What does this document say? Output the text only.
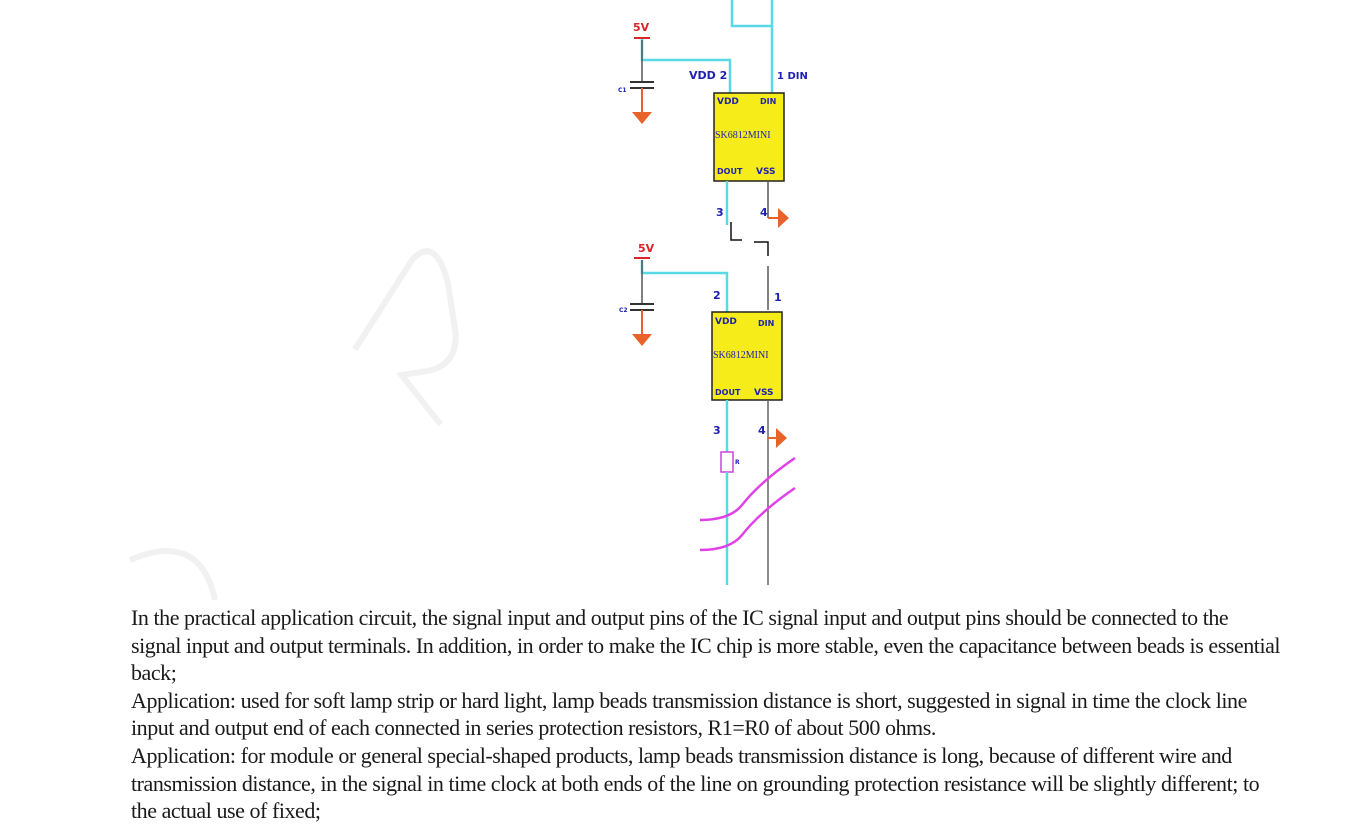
5V
C1
VDD 2	1 DIN
VDD	DIN
SK6812MINI
DOUT VSS
3	4
5V
C2
2	1
VDD	DIN
SK6812MINI
DOUT VSS
3	4
R

In the practical application circuit, the signal input and output pins of the IC signal input and output pins should be connected to the signal input and output terminals. In addition, in order to make the IC chip is more stable, even the capacitance between beads is essential back;

Application: used for soft lamp strip or hard light, lamp beads transmission distance is short, suggested in signal in time the clock line input and output end of each connected in series protection resistors, R1=R0 of about 500 ohms.

Application: for module or general special-shaped products, lamp beads transmission distance is long, because of different wire and transmission distance, in the signal in time clock at both ends of the line on grounding protection resistance will be slightly different; to the actual use of fixed;
